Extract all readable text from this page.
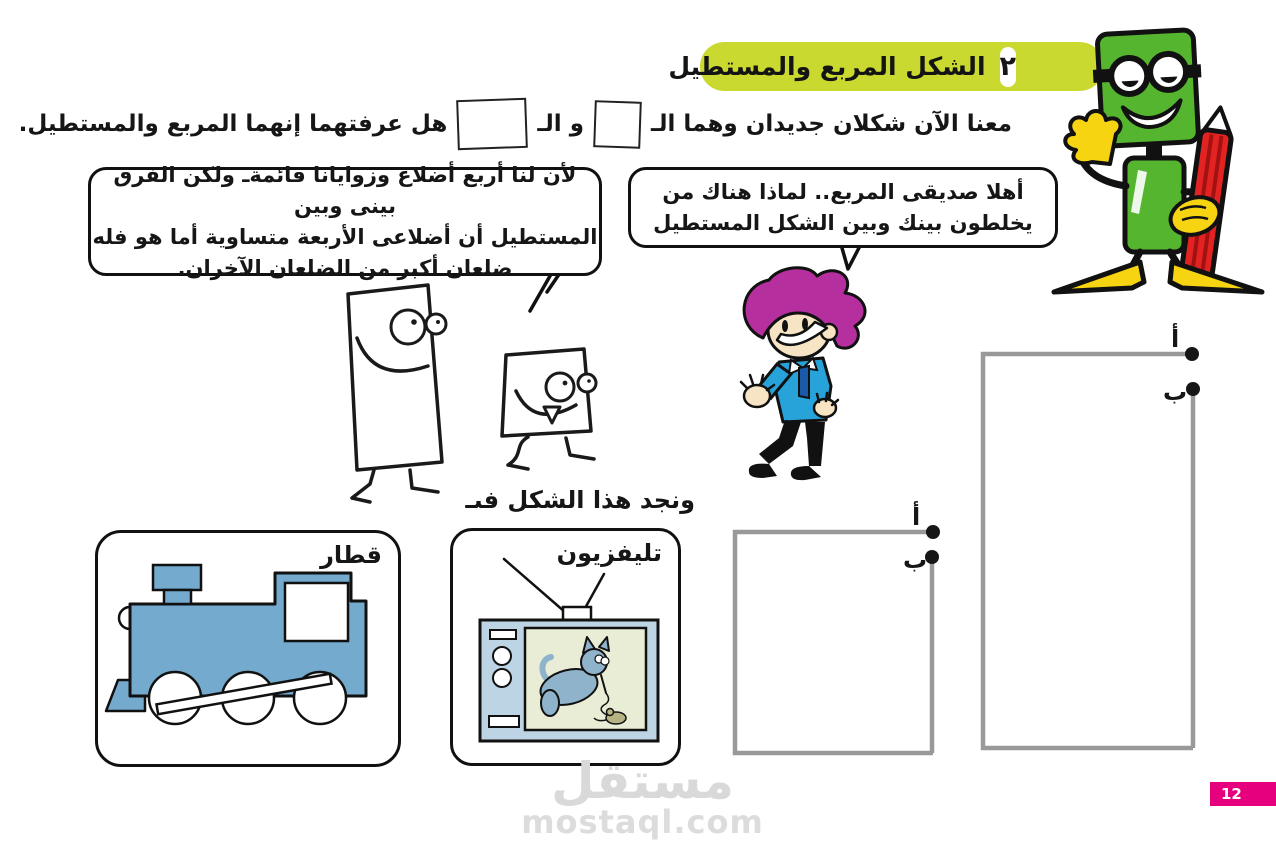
٢
الشكل المربع والمستطيل
معنا الآن شكلان جديدان وهما الـ
و الـ
هل عرفتهما إنهما المربع والمستطيل.
لأن لنا أربع أضلاع وزوايانا قائمةـ ولكن الفرق بينى وبين
المستطيل أن أضلاعى الأربعة متساوية أما هو فله
ضلعان أكبر من الضلعان الآخران.
أهلا صديقى المربع.. لماذا هناك من
يخلطون بينك وبين الشكل المستطيل
ونجد هذا الشكل فىـ
قطار	تليفزيون
أ
ب
أ
ب
مستقل
mostaql.com
12
